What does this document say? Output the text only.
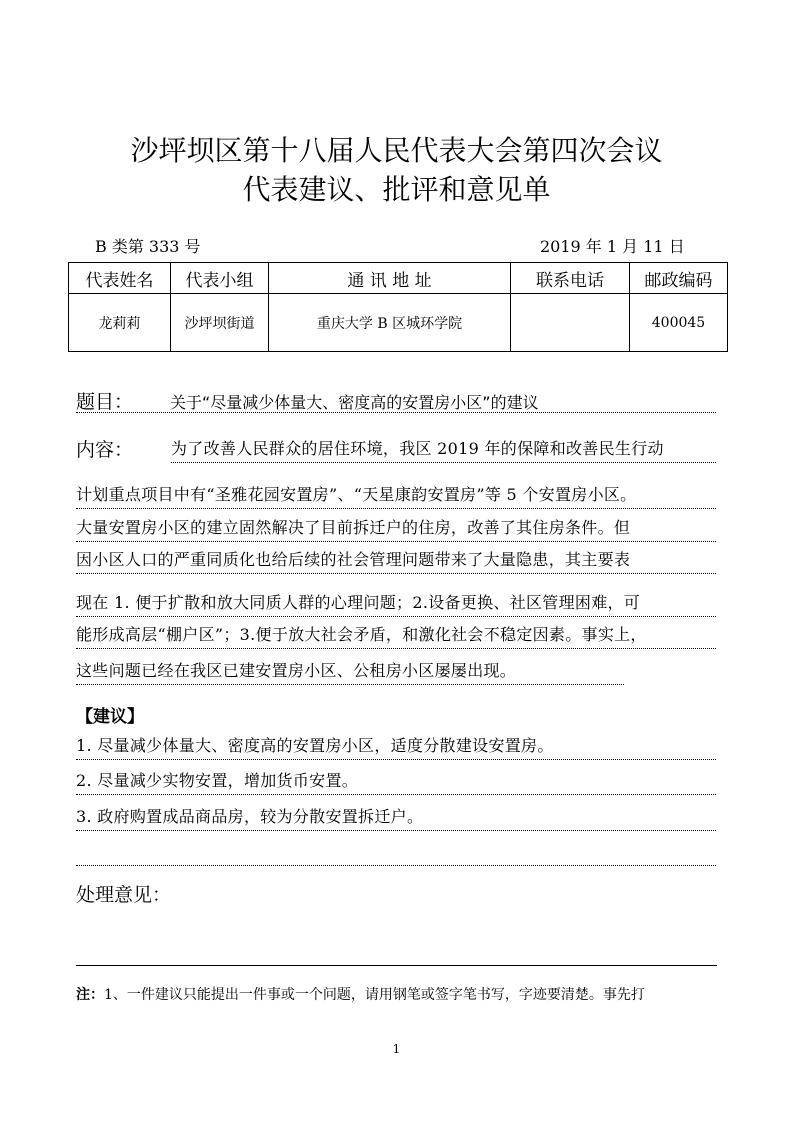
沙坪坝区第十八届人民代表大会第四次会议
代表建议、批评和意见单
B 类第 333 号	2019 年 1 月 11 日
代表姓名	代表小组	通 讯 地 址	联系电话	邮政编码
龙莉莉	沙坪坝街道	重庆大学 B 区城环学院		400045
题目： 关于“尽量减少体量大、密度高的安置房小区”的建议
内容： 为了改善人民群众的居住环境，我区 2019 年的保障和改善民生行动
计划重点项目中有“圣雅花园安置房”、“天星康韵安置房”等 5 个安置房小区。
大量安置房小区的建立固然解决了目前拆迁户的住房，改善了其住房条件。但
因小区人口的严重同质化也给后续的社会管理问题带来了大量隐患，其主要表
现在 1. 便于扩散和放大同质人群的心理问题；2.设备更换、社区管理困难，可
能形成高层“棚户区”；3.便于放大社会矛盾，和激化社会不稳定因素。事实上，
这些问题已经在我区已建安置房小区、公租房小区屡屡出现。
【建议】
1. 尽量减少体量大、密度高的安置房小区，适度分散建设安置房。
2. 尽量减少实物安置，增加货币安置。
3. 政府购置成品商品房，较为分散安置拆迁户。
处理意见：
注：1、一件建议只能提出一件事或一个问题，请用钢笔或签字笔书写，字迹要清楚。事先打
1
